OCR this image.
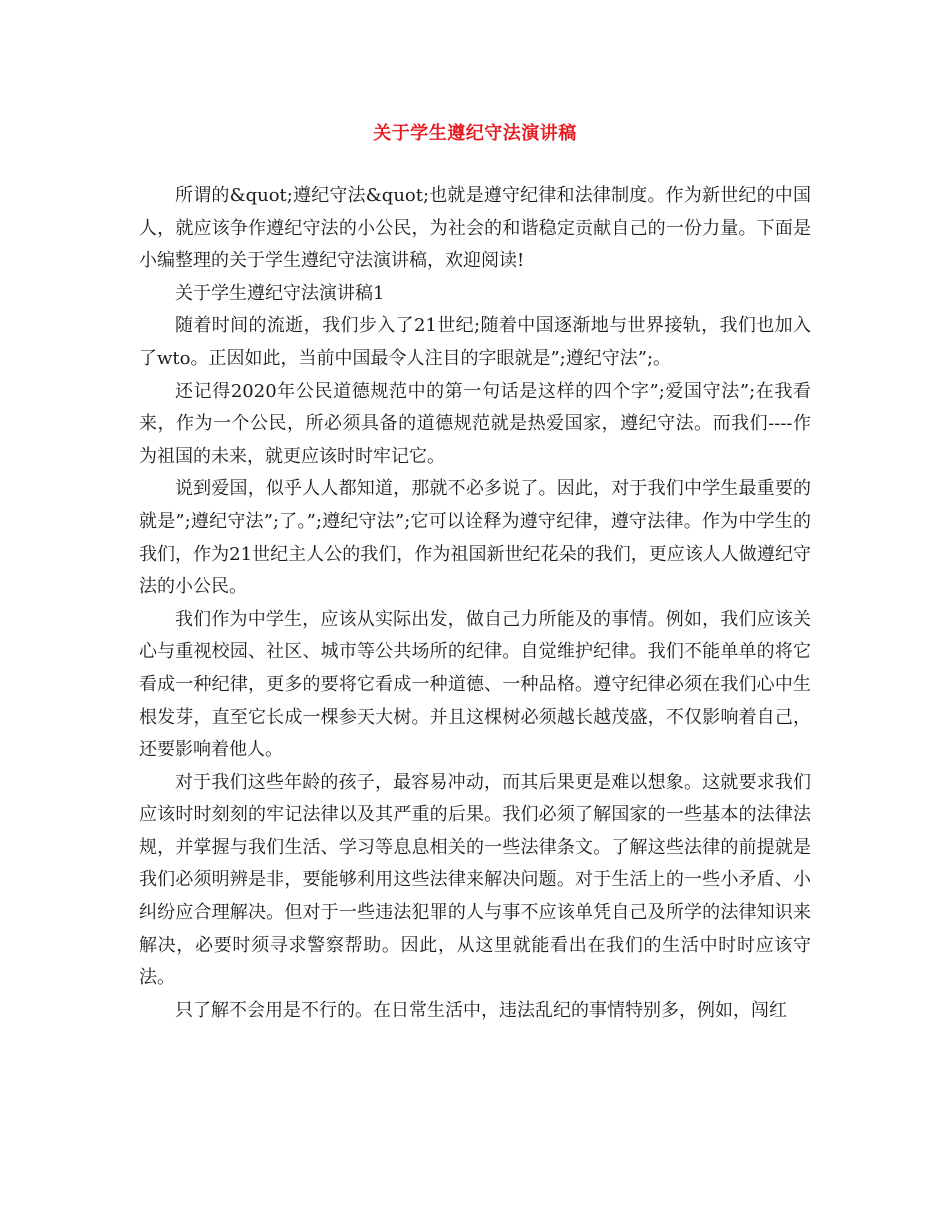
关于学生遵纪守法演讲稿

所谓的&quot;遵纪守法&quot;也就是遵守纪律和法律制度。作为新世纪的中国人，就应该争作遵纪守法的小公民，为社会的和谐稳定贡献自己的一份力量。下面是小编整理的关于学生遵纪守法演讲稿，欢迎阅读!

关于学生遵纪守法演讲稿1

随着时间的流逝，我们步入了21世纪;随着中国逐渐地与世界接轨，我们也加入了wto。正因如此，当前中国最令人注目的字眼就是”;遵纪守法”;。

还记得2020年公民道德规范中的第一句话是这样的四个字”;爱国守法”;在我看来，作为一个公民，所必须具备的道德规范就是热爱国家，遵纪守法。而我们----作为祖国的未来，就更应该时时牢记它。

说到爱国，似乎人人都知道，那就不必多说了。因此，对于我们中学生最重要的就是”;遵纪守法”;了。”;遵纪守法”;它可以诠释为遵守纪律，遵守法律。作为中学生的我们，作为21世纪主人公的我们，作为祖国新世纪花朵的我们，更应该人人做遵纪守法的小公民。

我们作为中学生，应该从实际出发，做自己力所能及的事情。例如，我们应该关心与重视校园、社区、城市等公共场所的纪律。自觉维护纪律。我们不能单单的将它看成一种纪律，更多的要将它看成一种道德、一种品格。遵守纪律必须在我们心中生根发芽，直至它长成一棵参天大树。并且这棵树必须越长越茂盛，不仅影响着自己，还要影响着他人。

对于我们这些年龄的孩子，最容易冲动，而其后果更是难以想象。这就要求我们应该时时刻刻的牢记法律以及其严重的后果。我们必须了解国家的一些基本的法律法规，并掌握与我们生活、学习等息息相关的一些法律条文。了解这些法律的前提就是我们必须明辨是非，要能够利用这些法律来解决问题。对于生活上的一些小矛盾、小纠纷应合理解决。但对于一些违法犯罪的人与事不应该单凭自己及所学的法律知识来解决，必要时须寻求警察帮助。因此，从这里就能看出在我们的生活中时时应该守法。

只了解不会用是不行的。在日常生活中，违法乱纪的事情特别多，例如，闯红
